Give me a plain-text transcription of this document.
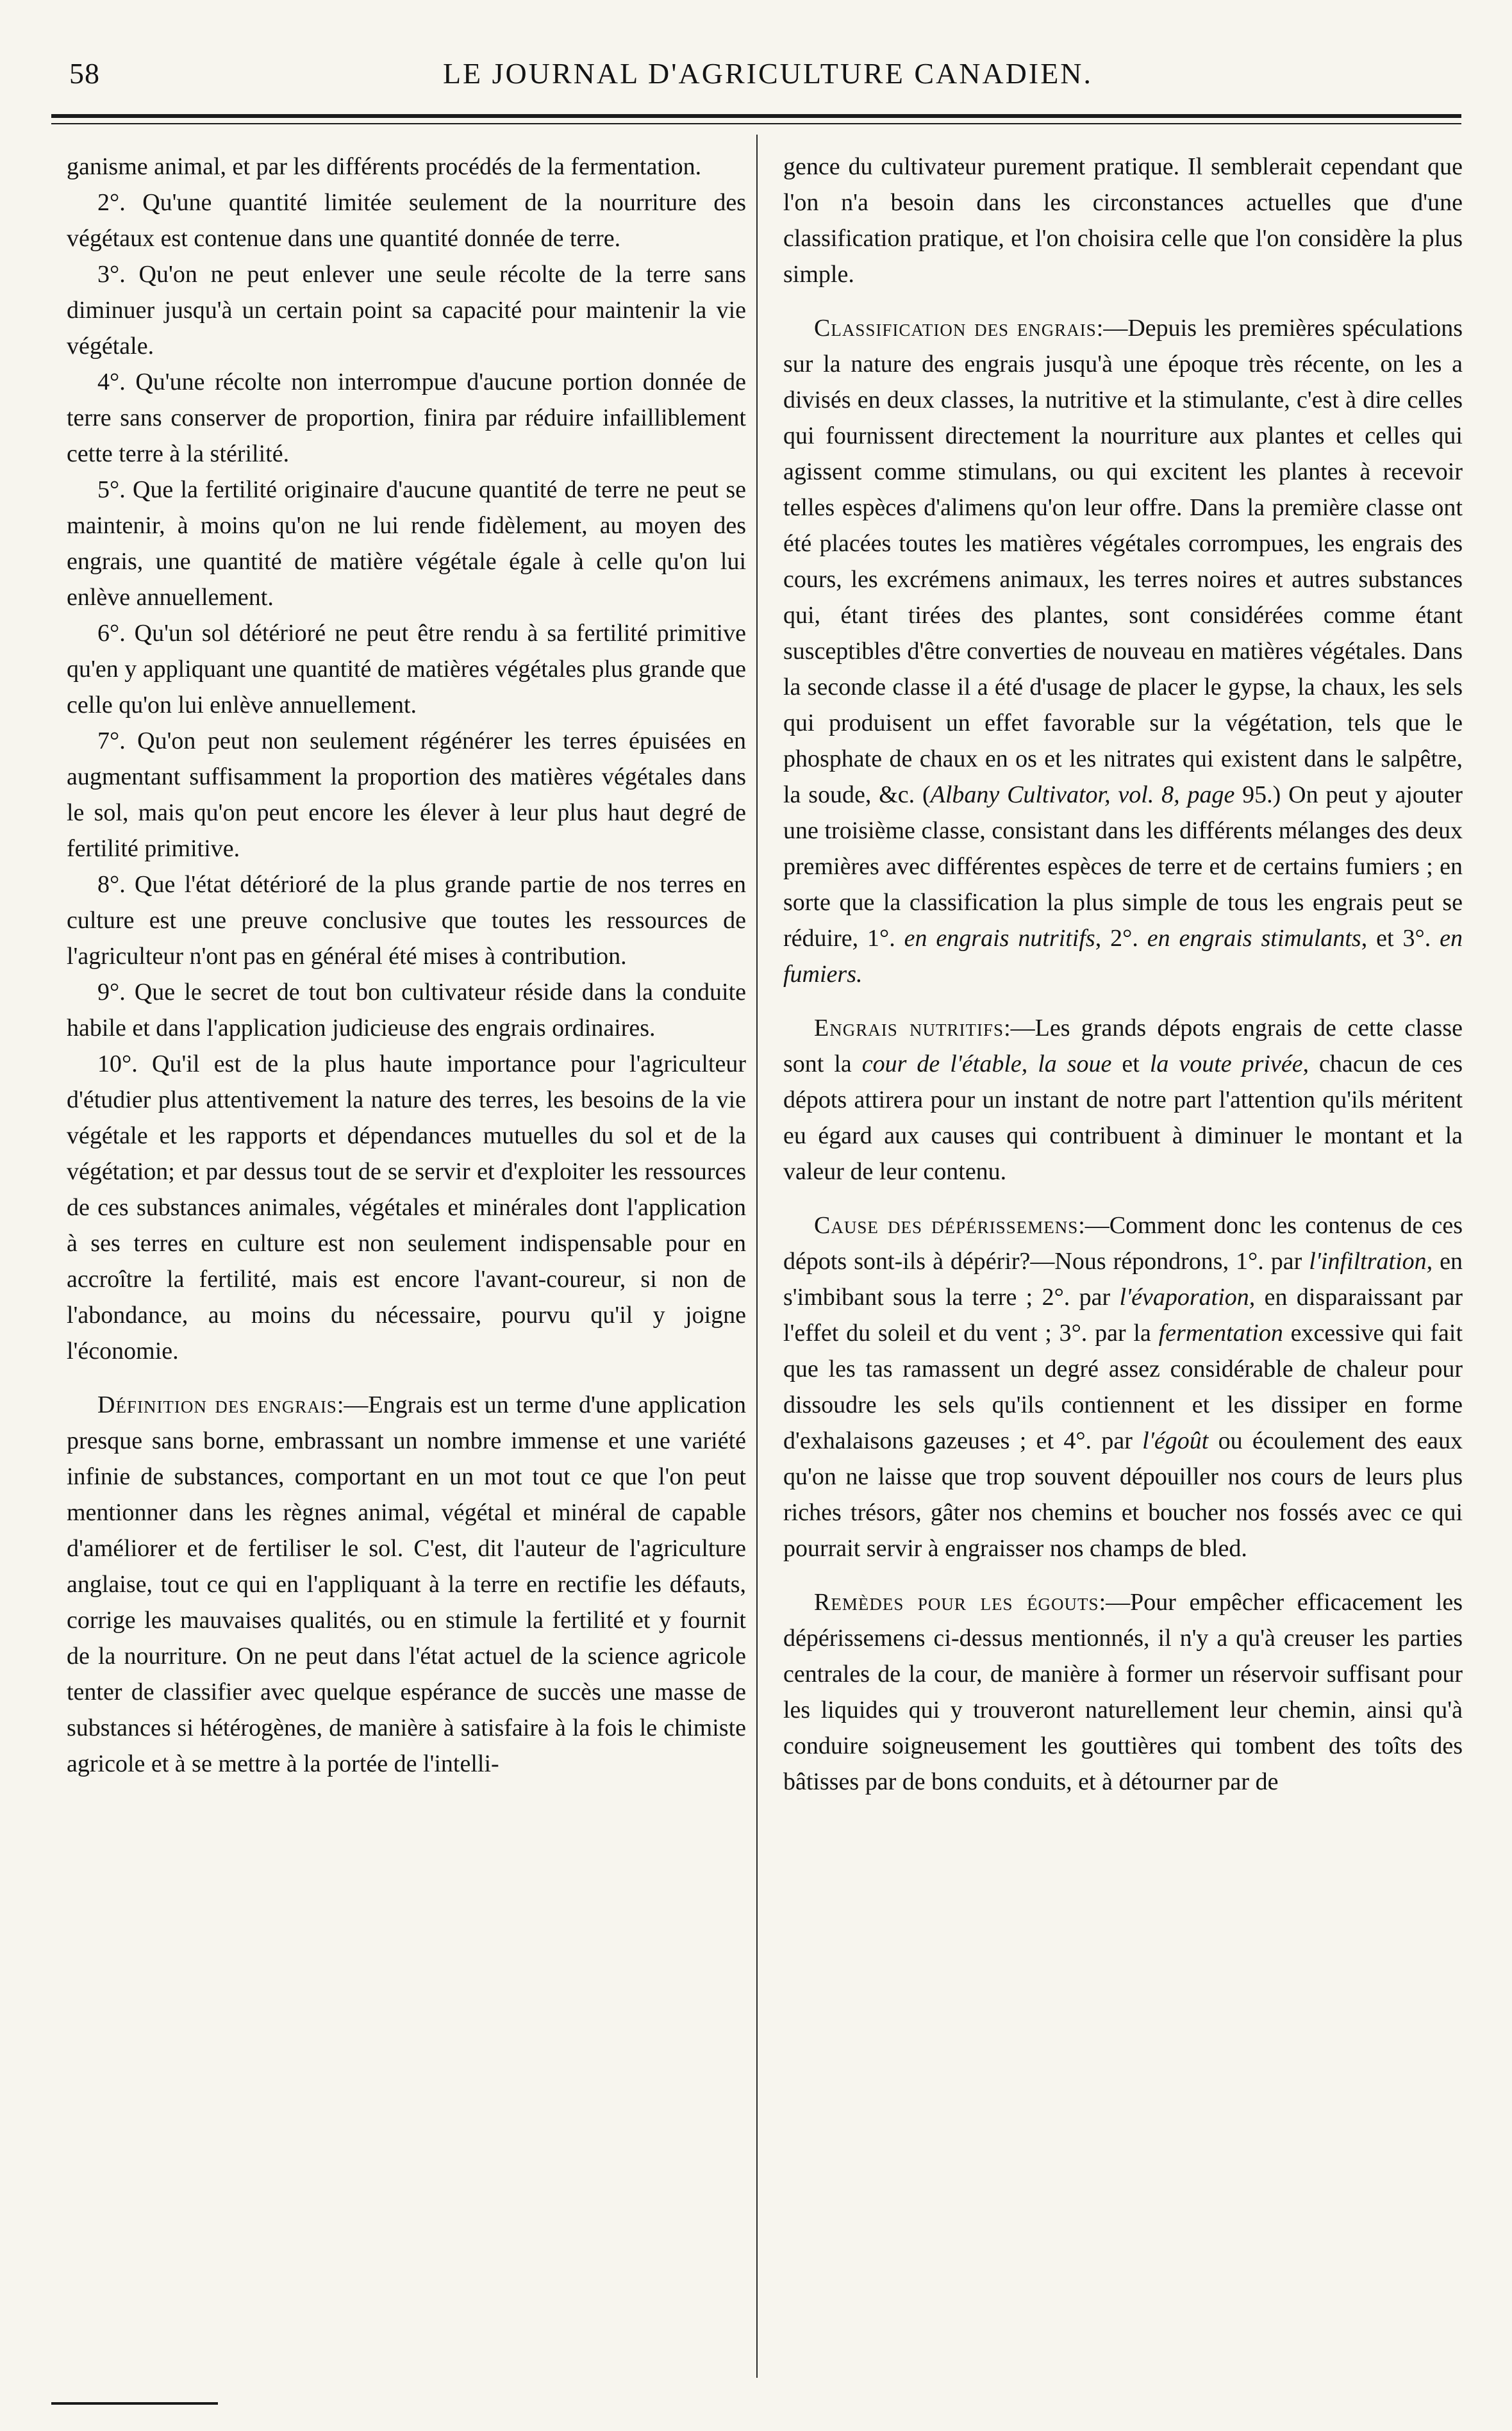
58	LE JOURNAL D'AGRICULTURE CANADIEN.

ganisme animal, et par les différents procédés de la fermentation.

2°. Qu'une quantité limitée seulement de la nourriture des végétaux est contenue dans une quantité donnée de terre.

3°. Qu'on ne peut enlever une seule récolte de la terre sans diminuer jusqu'à un certain point sa capacité pour maintenir la vie végétale.

4°. Qu'une récolte non interrompue d'aucune portion donnée de terre sans conserver de proportion, finira par réduire infailliblement cette terre à la stérilité.

5°. Que la fertilité originaire d'aucune quantité de terre ne peut se maintenir, à moins qu'on ne lui rende fidèlement, au moyen des engrais, une quantité de matière végétale égale à celle qu'on lui enlève annuellement.

6°. Qu'un sol détérioré ne peut être rendu à sa fertilité primitive qu'en y appliquant une quantité de matières végétales plus grande que celle qu'on lui enlève annuellement.

7°. Qu'on peut non seulement régénérer les terres épuisées en augmentant suffisamment la proportion des matières végétales dans le sol, mais qu'on peut encore les élever à leur plus haut degré de fertilité primitive.

8°. Que l'état détérioré de la plus grande partie de nos terres en culture est une preuve conclusive que toutes les ressources de l'agriculteur n'ont pas en général été mises à contribution.

9°. Que le secret de tout bon cultivateur réside dans la conduite habile et dans l'application judicieuse des engrais ordinaires.

10°. Qu'il est de la plus haute importance pour l'agriculteur d'étudier plus attentivement la nature des terres, les besoins de la vie végétale et les rapports et dépendances mutuelles du sol et de la végétation; et par dessus tout de se servir et d'exploiter les ressources de ces substances animales, végétales et minérales dont l'application à ses terres en culture est non seulement indispensable pour en accroître la fertilité, mais est encore l'avant-coureur, si non de l'abondance, au moins du nécessaire, pourvu qu'il y joigne l'économie.

Définition des engrais:—Engrais est un terme d'une application presque sans borne, embrassant un nombre immense et une variété infinie de substances, comportant en un mot tout ce que l'on peut mentionner dans les règnes animal, végétal et minéral de capable d'améliorer et de fertiliser le sol. C'est, dit l'auteur de l'agriculture anglaise, tout ce qui en l'appliquant à la terre en rectifie les défauts, corrige les mauvaises qualités, ou en stimule la fertilité et y fournit de la nourriture. On ne peut dans l'état actuel de la science agricole tenter de classifier avec quelque espérance de succès une masse de substances si hétérogènes, de manière à satisfaire à la fois le chimiste agricole et à se mettre à la portée de l'intelli-

gence du cultivateur purement pratique. Il semblerait cependant que l'on n'a besoin dans les circonstances actuelles que d'une classification pratique, et l'on choisira celle que l'on considère la plus simple.

Classification des engrais:—Depuis les premières spéculations sur la nature des engrais jusqu'à une époque très récente, on les a divisés en deux classes, la nutritive et la stimulante, c'est à dire celles qui fournissent directement la nourriture aux plantes et celles qui agissent comme stimulans, ou qui excitent les plantes à recevoir telles espèces d'alimens qu'on leur offre. Dans la première classe ont été placées toutes les matières végétales corrompues, les engrais des cours, les excrémens animaux, les terres noires et autres substances qui, étant tirées des plantes, sont considérées comme étant susceptibles d'être converties de nouveau en matières végétales. Dans la seconde classe il a été d'usage de placer le gypse, la chaux, les sels qui produisent un effet favorable sur la végétation, tels que le phosphate de chaux en os et les nitrates qui existent dans le salpêtre, la soude, &c. (Albany Cultivator, vol. 8, page 95.) On peut y ajouter une troisième classe, consistant dans les différents mélanges des deux premières avec différentes espèces de terre et de certains fumiers ; en sorte que la classification la plus simple de tous les engrais peut se réduire, 1°. en engrais nutritifs, 2°. en engrais stimulants, et 3°. en fumiers.

Engrais nutritifs:—Les grands dépots engrais de cette classe sont la cour de l'étable, la soue et la voute privée, chacun de ces dépots attirera pour un instant de notre part l'attention qu'ils méritent eu égard aux causes qui contribuent à diminuer le montant et la valeur de leur contenu.

Cause des dépérissemens:—Comment donc les contenus de ces dépots sont-ils à dépérir?—Nous répondrons, 1°. par l'infiltration, en s'imbibant sous la terre ; 2°. par l'évaporation, en disparaissant par l'effet du soleil et du vent ; 3°. par la fermentation excessive qui fait que les tas ramassent un degré assez considérable de chaleur pour dissoudre les sels qu'ils contiennent et les dissiper en forme d'exhalaisons gazeuses ; et 4°. par l'égoût ou écoulement des eaux qu'on ne laisse que trop souvent dépouiller nos cours de leurs plus riches trésors, gâter nos chemins et boucher nos fossés avec ce qui pourrait servir à engraisser nos champs de bled.

Remèdes pour les égouts:—Pour empêcher efficacement les dépérissemens ci-dessus mentionnés, il n'y a qu'à creuser les parties centrales de la cour, de manière à former un réservoir suffisant pour les liquides qui y trouveront naturellement leur chemin, ainsi qu'à conduire soigneusement les gouttières qui tombent des toîts des bâtisses par de bons conduits, et à détourner par de
